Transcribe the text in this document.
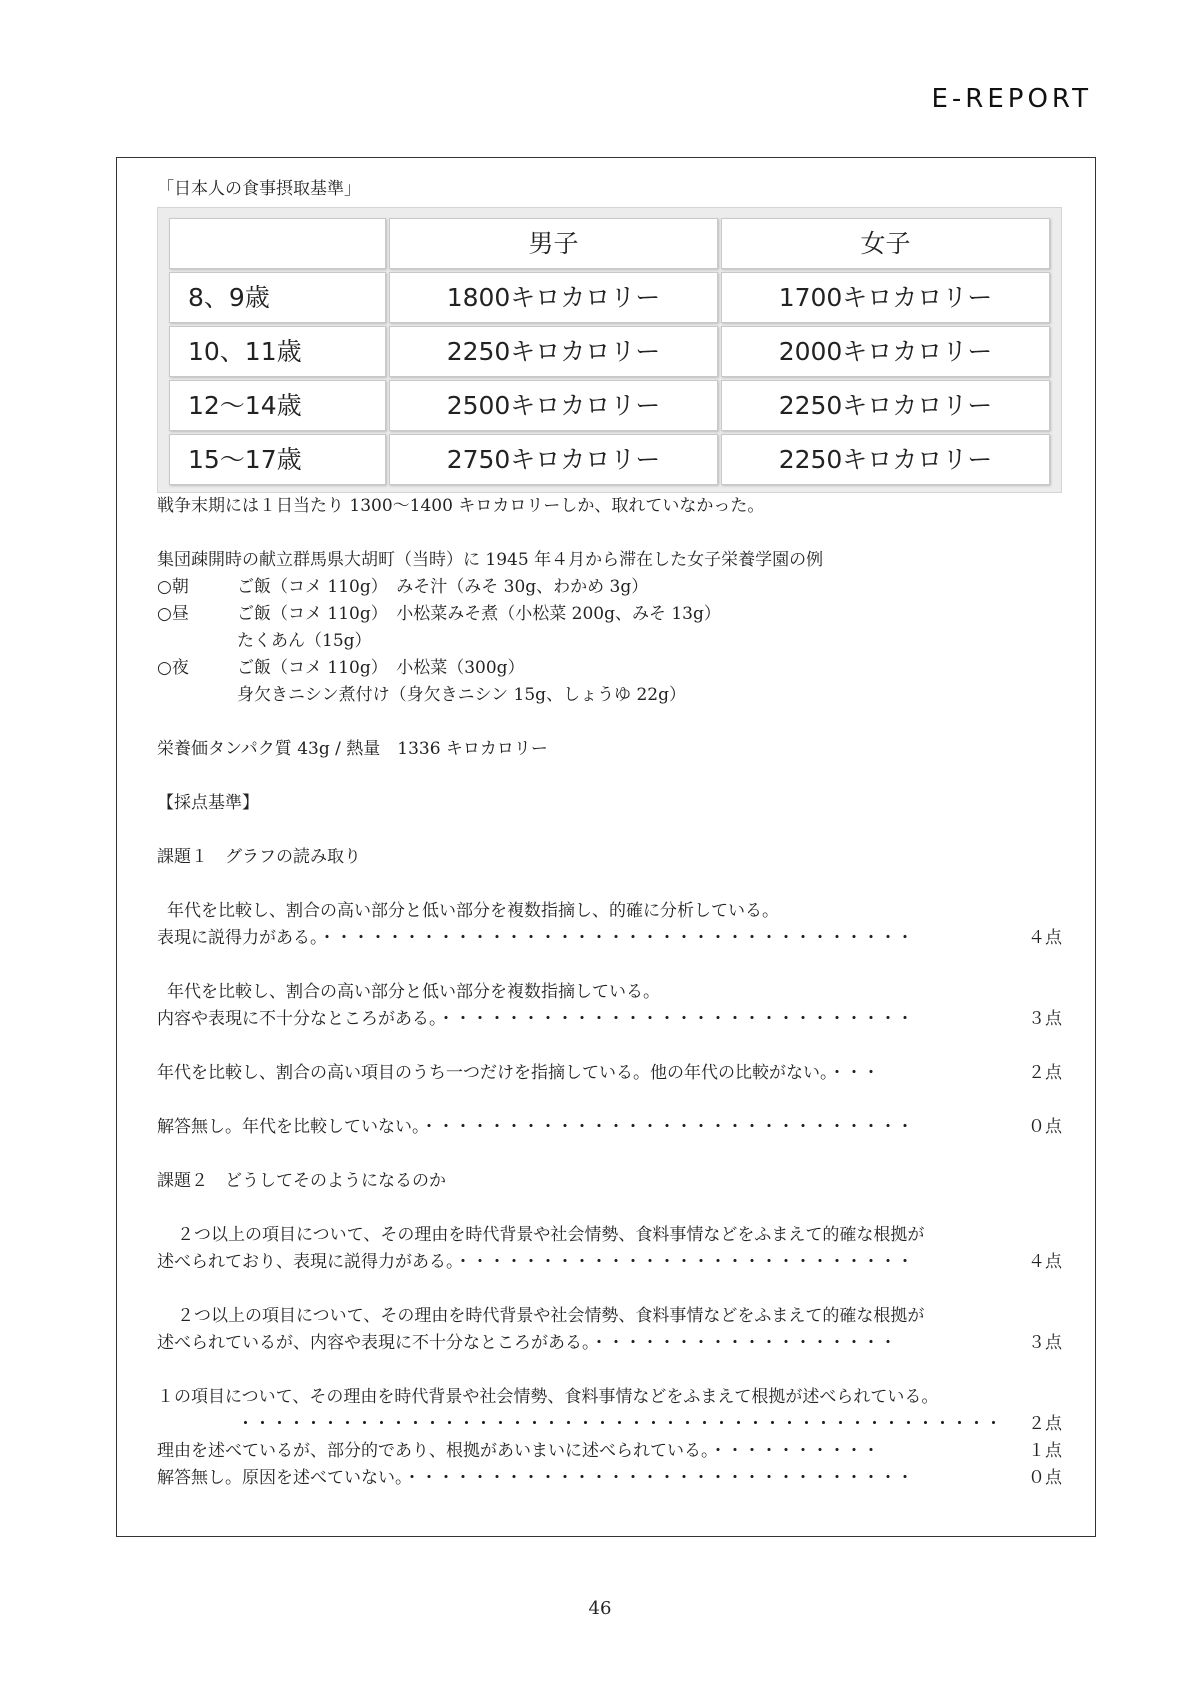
E-REPORT

「日本人の食事摂取基準」

	男子	女子
8、9歳	1800キロカロリー	1700キロカロリー
10、11歳	2250キロカロリー	2000キロカロリー
12〜14歳	2500キロカロリー	2250キロカロリー
15〜17歳	2750キロカロリー	2250キロカロリー
戦争末期には１日当たり 1300〜1400 キロカロリーしか、取れていなかった。
集団疎開時の献立群馬県大胡町（当時）に 1945 年４月から滞在した女子栄養学園の例
○朝	ご飯（コメ 110g）　みそ汁（みそ 30g、わかめ 3g）
○昼	ご飯（コメ 110g）　小松菜みそ煮（小松菜 200g、みそ 13g）
たくあん（15g）
○夜	ご飯（コメ 110g）　小松菜（300g）
身欠きニシン煮付け（身欠きニシン 15g、しょうゆ 22g）
栄養価タンパク質 43g / 熱量　1336 キロカロリー
【採点基準】
課題１　グラフの読み取り
年代を比較し、割合の高い部分と低い部分を複数指摘し、的確に分析している。
表現に説得力がある。・・・・・・・・・・・・・・・・・・・・・・・・・・・・・・・・・・・	４点
年代を比較し、割合の高い部分と低い部分を複数指摘している。
内容や表現に不十分なところがある。・・・・・・・・・・・・・・・・・・・・・・・・・・・・	３点
年代を比較し、割合の高い項目のうち一つだけを指摘している。他の年代の比較がない。・・・	２点
解答無し。年代を比較していない。・・・・・・・・・・・・・・・・・・・・・・・・・・・・・	０点
課題２　どうしてそのようになるのか
２つ以上の項目について、その理由を時代背景や社会情勢、食料事情などをふまえて的確な根拠が
述べられており、表現に説得力がある。・・・・・・・・・・・・・・・・・・・・・・・・・・・	４点
２つ以上の項目について、その理由を時代背景や社会情勢、食料事情などをふまえて的確な根拠が
述べられているが、内容や表現に不十分なところがある。・・・・・・・・・・・・・・・・・・	３点
１の項目について、その理由を時代背景や社会情勢、食料事情などをふまえて根拠が述べられている。
・・・・・・・・・・・・・・・・・・・・・・・・・・・・・・・・・・・・・・・・・・・・・ ２点
理由を述べているが、部分的であり、根拠があいまいに述べられている。・・・・・・・・・・	１点
解答無し。原因を述べていない。・・・・・・・・・・・・・・・・・・・・・・・・・・・・・・	０点
46
